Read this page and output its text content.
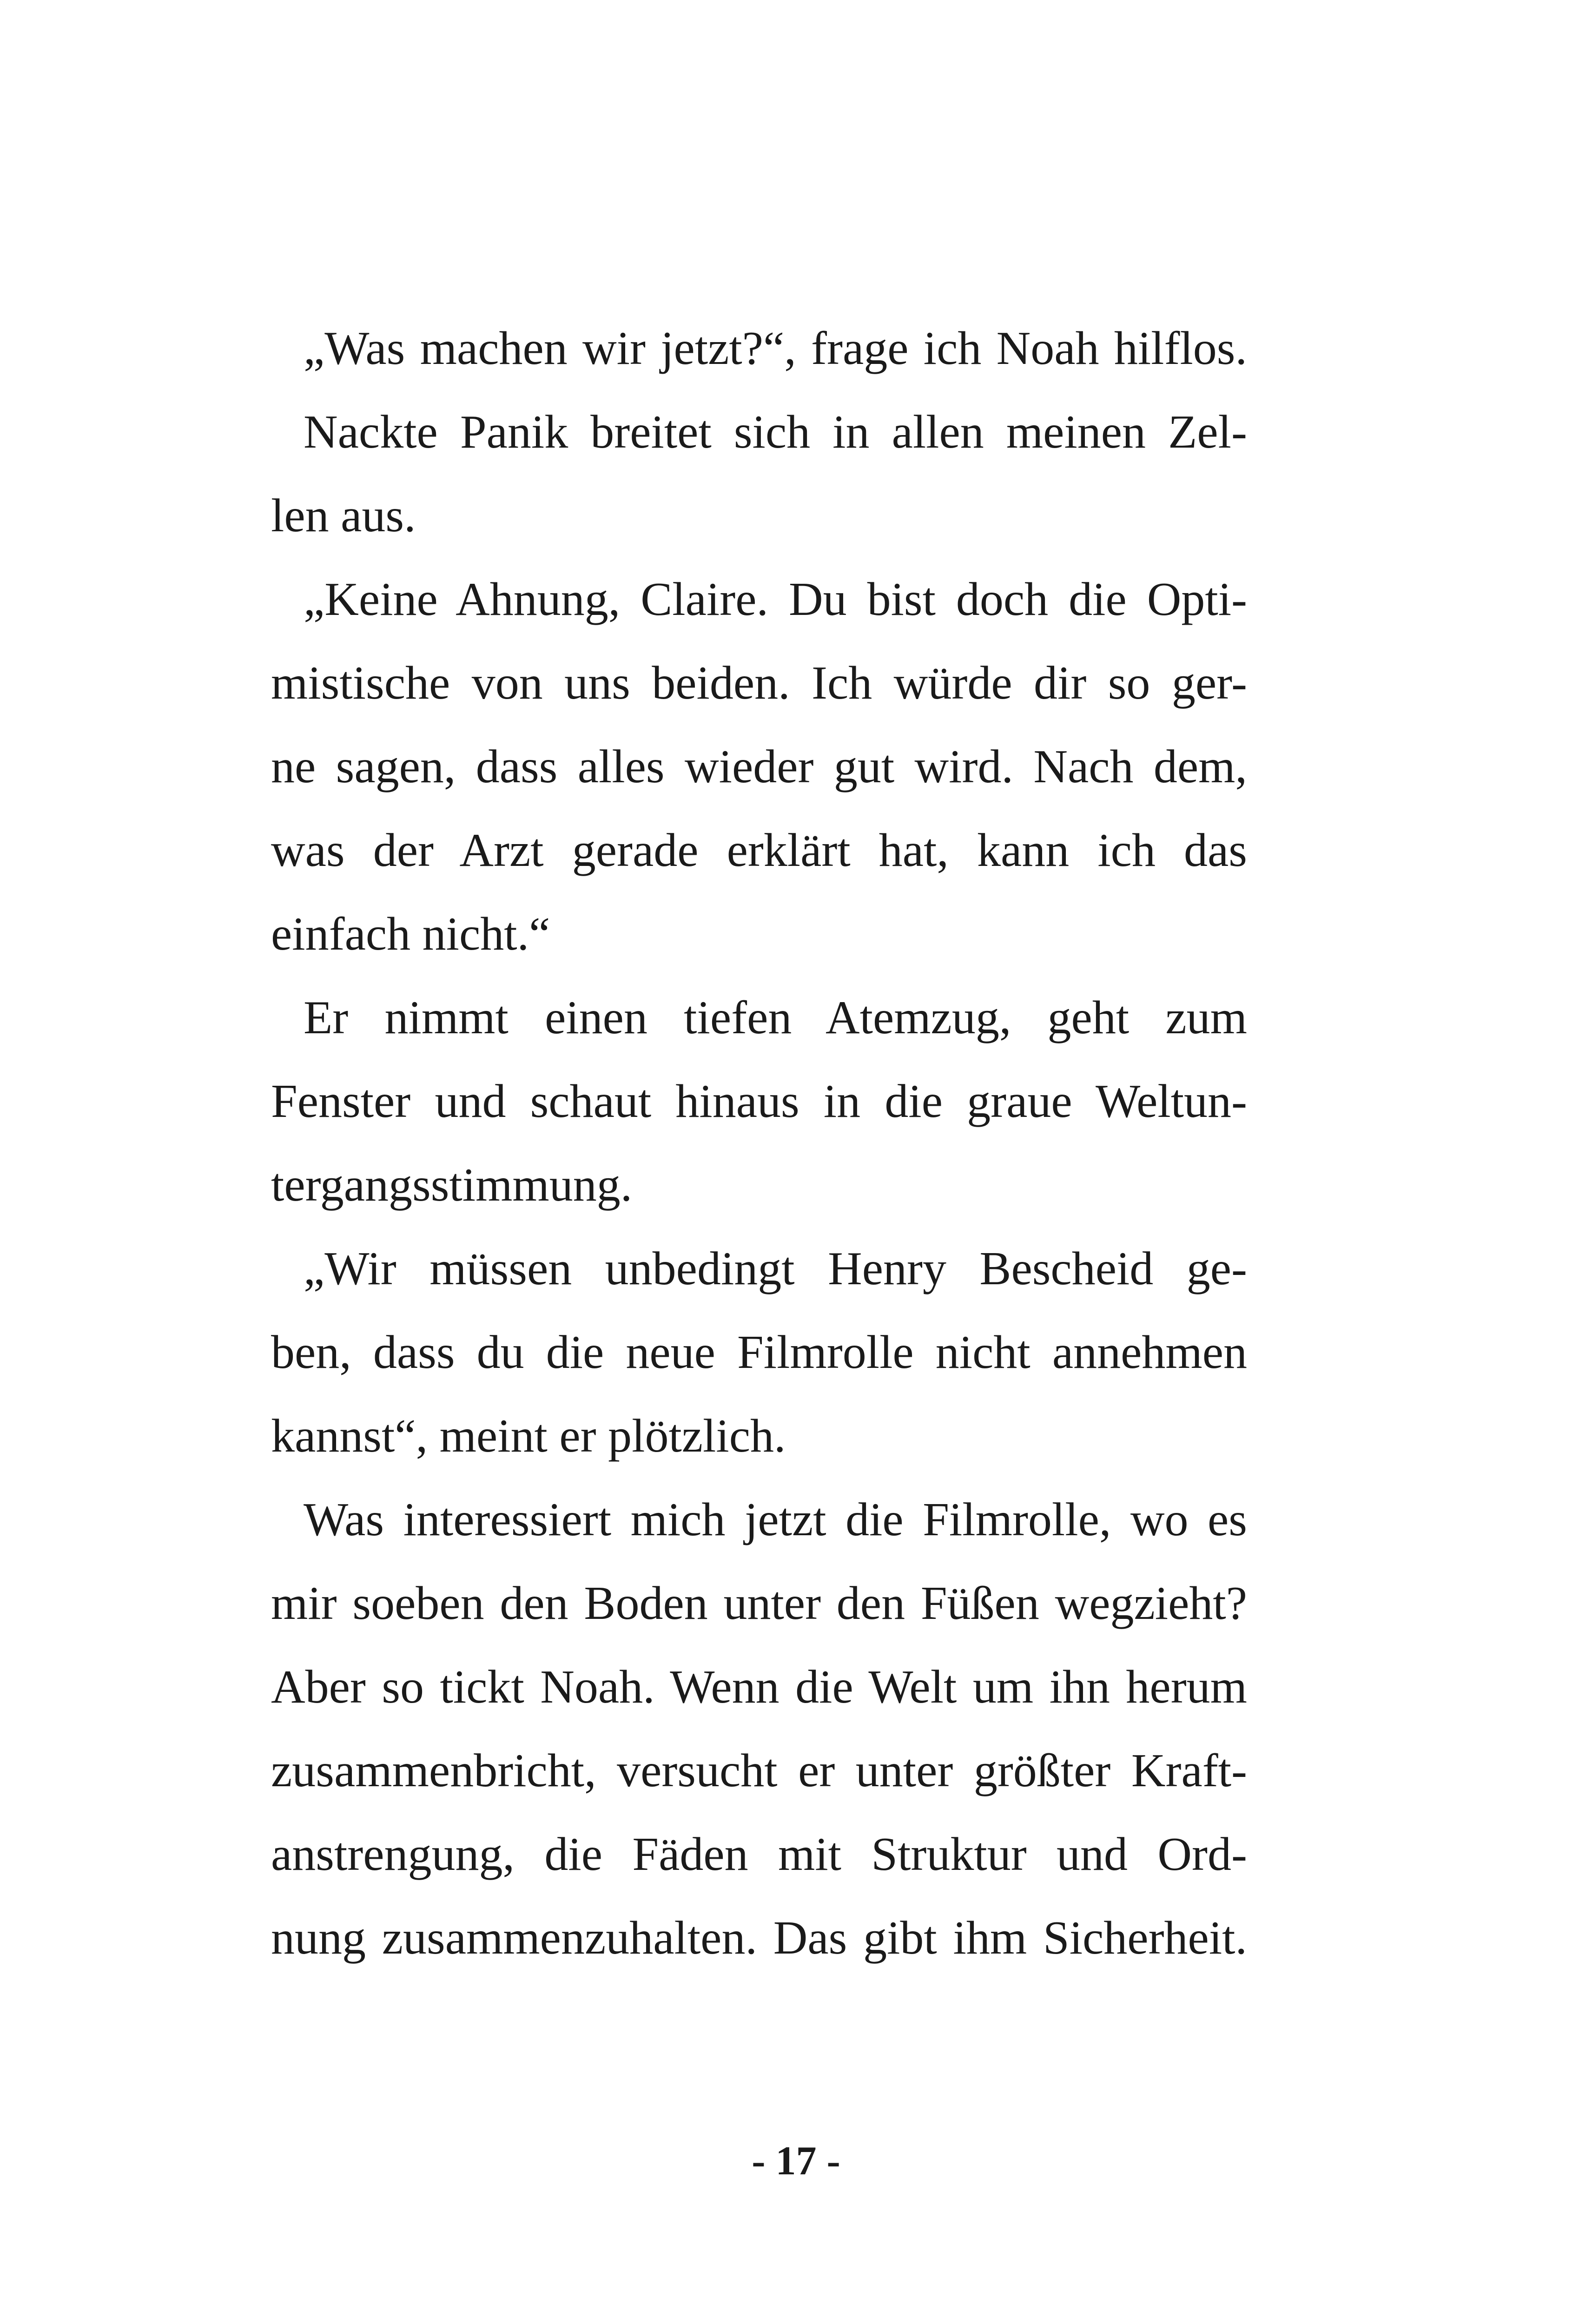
„Was machen wir jetzt?“, frage ich Noah hilflos.
Nackte Panik breitet sich in allen meinen Zel-
len aus.
„Keine Ahnung, Claire. Du bist doch die Opti-
mistische von uns beiden. Ich würde dir so ger-
ne sagen, dass alles wieder gut wird. Nach dem,
was der Arzt gerade erklärt hat, kann ich das
einfach nicht.“
Er nimmt einen tiefen Atemzug, geht zum
Fenster und schaut hinaus in die graue Weltun-
tergangsstimmung.
„Wir müssen unbedingt Henry Bescheid ge-
ben, dass du die neue Filmrolle nicht annehmen
kannst“, meint er plötzlich.
Was interessiert mich jetzt die Filmrolle, wo es
mir soeben den Boden unter den Füßen wegzieht?
Aber so tickt Noah. Wenn die Welt um ihn herum
zusammenbricht, versucht er unter größter Kraft-
anstrengung, die Fäden mit Struktur und Ord-
nung zusammenzuhalten. Das gibt ihm Sicherheit.
- 17 -
